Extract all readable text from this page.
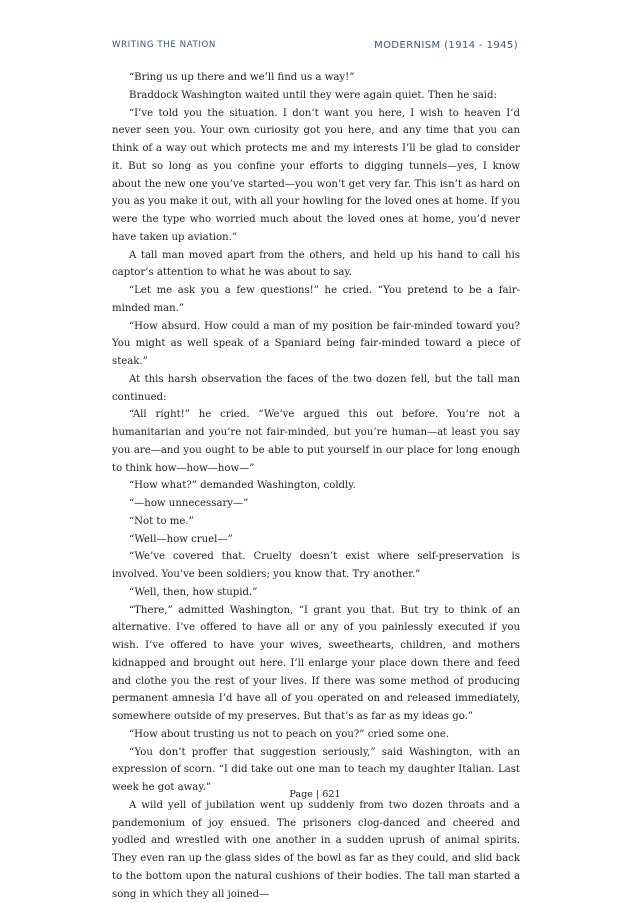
WRITING THE NATION	MODERNISM (1914 - 1945)

“Bring us up there and we’ll find us a way!”

Braddock Washington waited until they were again quiet. Then he said:

“I’ve told you the situation. I don’t want you here, I wish to heaven I’d never seen you. Your own curiosity got you here, and any time that you can think of a way out which protects me and my interests I’ll be glad to consider it. But so long as you confine your efforts to digging tunnels—yes, I know about the new one you’ve started—you won’t get very far. This isn’t as hard on you as you make it out, with all your howling for the loved ones at home. If you were the type who worried much about the loved ones at home, you’d never have taken up aviation.”

A tall man moved apart from the others, and held up his hand to call his captor’s attention to what he was about to say.

“Let me ask you a few questions!” he cried. “You pretend to be a fair-minded man.”

“How absurd. How could a man of my position be fair-minded toward you? You might as well speak of a Spaniard being fair-minded toward a piece of steak.”

At this harsh observation the faces of the two dozen fell, but the tall man continued:

“All right!” he cried. “We’ve argued this out before. You’re not a humanitarian and you’re not fair-minded, but you’re human—at least you say you are—and you ought to be able to put yourself in our place for long enough to think how—how—how—”

“How what?” demanded Washington, coldly.

“—how unnecessary—”

“Not to me.”

“Well—how cruel—”

“We’ve covered that. Cruelty doesn’t exist where self-preservation is involved. You’ve been soldiers; you know that. Try another.”

“Well, then, how stupid.”

“There,” admitted Washington, “I grant you that. But try to think of an alternative. I’ve offered to have all or any of you painlessly executed if you wish. I’ve offered to have your wives, sweethearts, children, and mothers kidnapped and brought out here. I’ll enlarge your place down there and feed and clothe you the rest of your lives. If there was some method of producing permanent amnesia I’d have all of you operated on and released immediately, somewhere outside of my preserves. But that’s as far as my ideas go.”

“How about trusting us not to peach on you?” cried some one.

“You don’t proffer that suggestion seriously,” said Washington, with an expression of scorn. “I did take out one man to teach my daughter Italian. Last week he got away.”

A wild yell of jubilation went up suddenly from two dozen throats and a pandemonium of joy ensued. The prisoners clog-danced and cheered and yodled and wrestled with one another in a sudden uprush of animal spirits. They even ran up the glass sides of the bowl as far as they could, and slid back to the bottom upon the natural cushions of their bodies. The tall man started a song in which they all joined—

Page | 621
